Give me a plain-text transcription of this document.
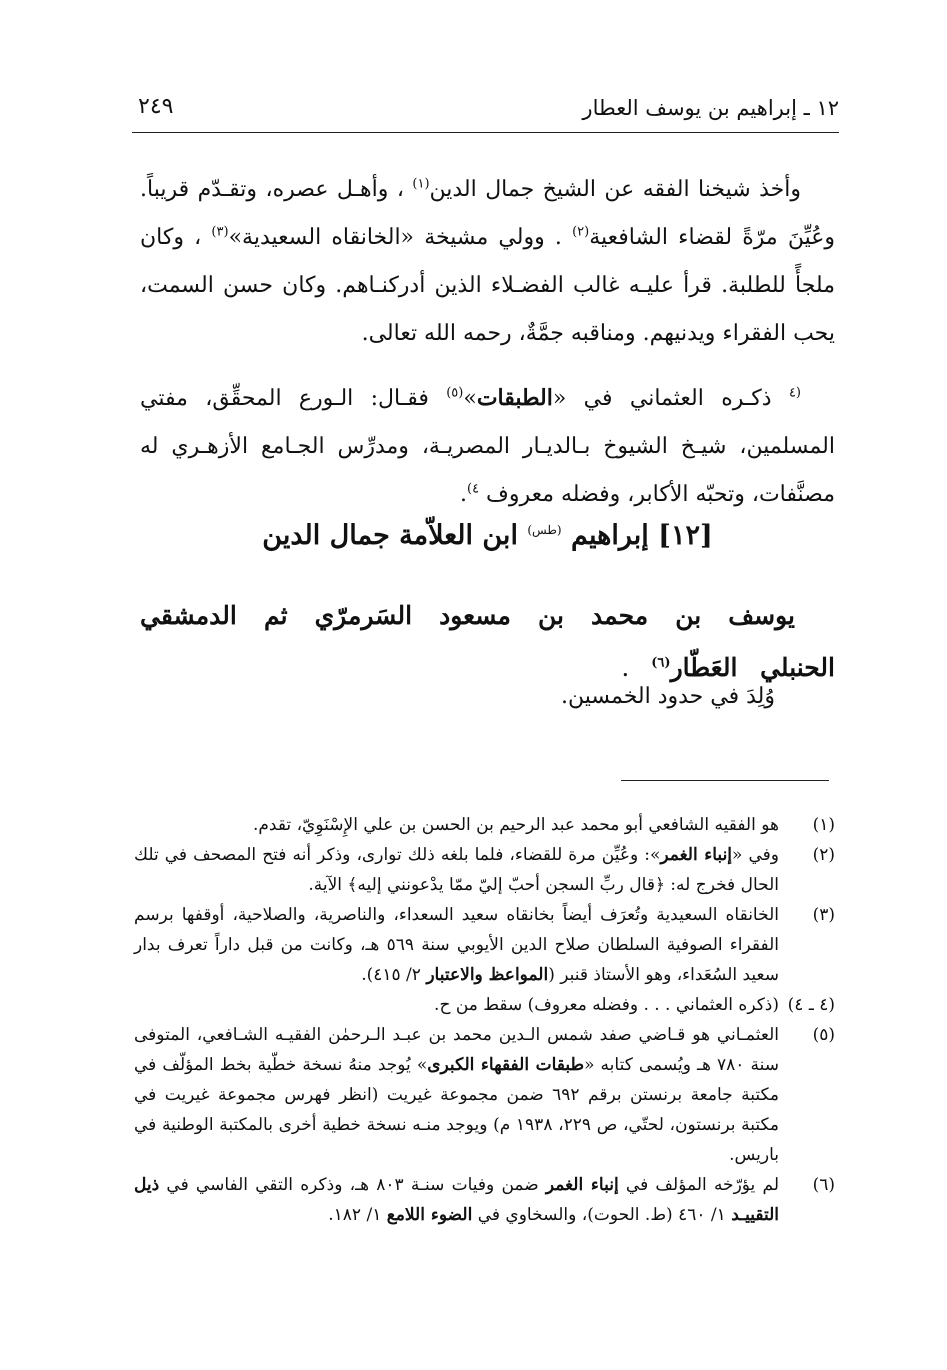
١٢ ـ إبراهيم بن يوسف العطار
٢٤٩

وأخذ شيخنا الفقه عن الشيخ جمال الدين$^{(١)}$ ، وأهـل عصره، وتقـدّم قريباً. وعُيِّنَ مرّةً لقضاء الشافعية$^{(٢)}$ . وولي مشيخة «الخانقاه السعيدية»$^{(٣)}$ ، وكان ملجأً للطلبة. قرأ عليـه غالب الفضـلاء الذين أدركنـاهم. وكان حسن السمت، يحب الفقراء ويدنيهم. ومناقبه جمَّةٌ، رحمه الله تعالى.

$^{(٤}$ ذكـره العثماني في «الطبقات»$^{(٥)}$ فقـال: الـورع المحقِّق، مفتي المسلمين، شيـخ الشيوخ بـالديـار المصريـة، ومدرِّس الجـامع الأزهـري له مصنَّفات، وتحبّه الأكابر، وفضله معروف $^{٤)}$.

[١٢] إبراهيم $^{(طس)}$ ابن العلاّمة جمال الدين
يوسف بن محمد بن مسعود السَرمرّي ثم الدمشقي الحنبلي العَطّار$^{(٦)}$ .
وُلِدَ في حدود الخمسين.
(١)
هو الفقيه الشافعي أبو محمد عبد الرحيم بن الحسن بن علي الإِسْنَوِيّ، تقدم.
(٢)
وفي «إنباء الغمر»: وعُيِّن مرة للقضاء، فلما بلغه ذلك توارى، وذكر أنه فتح المصحف في تلك الحال فخرج له: ﴿قال ربِّ السجن أحبّ إليّ ممّا يدْعونني إليه﴾ الآية.
(٣)
الخانقاه السعيدية وتُعرَف أيضاً بخانقاه سعيد السعداء، والناصرية، والصلاحية، أوقفها برسم الفقراء الصوفية السلطان صلاح الدين الأيوبي سنة ٥٦٩ هـ، وكانت من قبل داراً تعرف بدار سعيد السُعَداء، وهو الأستاذ قنبر (المواعظ والاعتبار ٢/ ٤١٥).
(٤ ـ ٤)
(ذكره العثماني . . . وفضله معروف) سقط من ح.
(٥)
العثمـاني هو قـاضي صفد شمس الـدين محمد بن عبـد الـرحمٰن الفقيـه الشـافعي، المتوفى سنة ٧٨٠ هـ ويُسمى كتابه «طبقات الفقهاء الكبرى» يُوجد منهُ نسخة خطّية بخط المؤلّف في مكتبة جامعة برنستن برقم ٦٩٢ ضمن مجموعة غيريت (انظر فهرس مجموعة غيريت في مكتبة برنستون، لحتّي، ص ٢٢٩، ١٩٣٨ م) ويوجد منـه نسخة خطية أخرى بالمكتبة الوطنية في باريس.
(٦)
لم يؤرّخه المؤلف في إنباء الغمر ضمن وفيات سنـة ٨٠٣ هـ، وذكره التقي الفاسي في ذيل التقييـد ١/ ٤٦٠ (ط. الحوت)، والسخاوي في الضوء اللامع ١/ ١٨٢.
